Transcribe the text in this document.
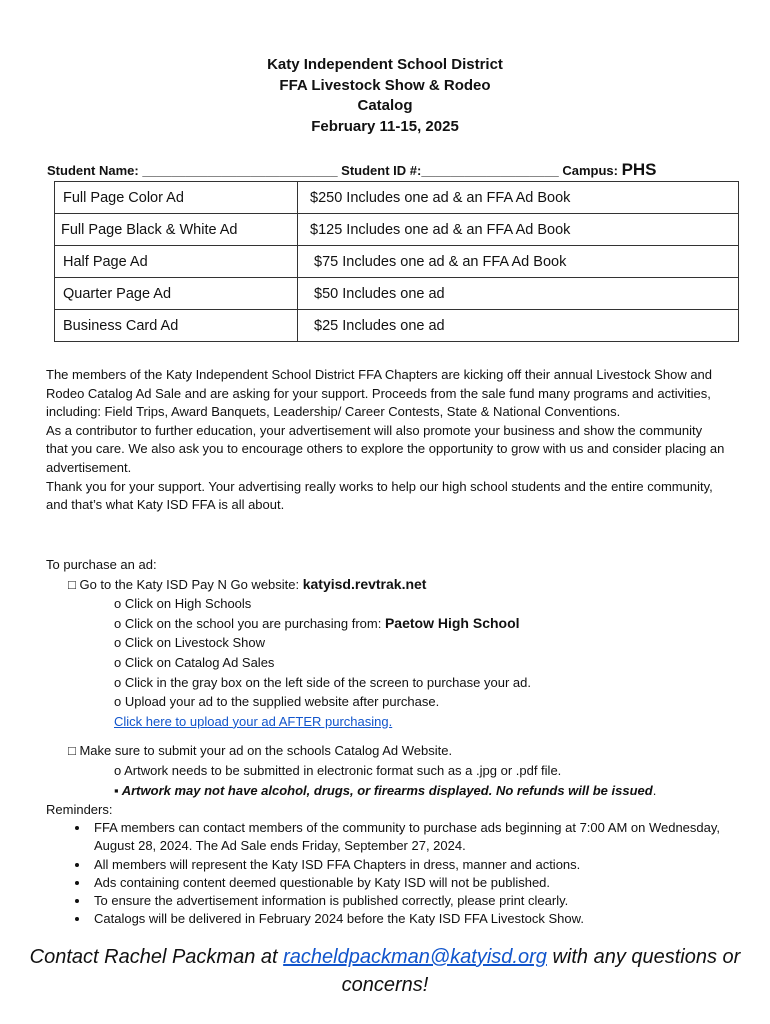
Katy Independent School District
FFA Livestock Show & Rodeo
Catalog
February 11-15, 2025
Student Name: ___________________________ Student ID #:___________________ Campus: PHS
Full Page Color Ad	$250 Includes one ad & an FFA Ad Book
Full Page Black & White Ad	$125 Includes one ad & an FFA Ad Book
Half Page Ad	$75 Includes one ad & an FFA Ad Book
Quarter Page Ad	$50 Includes one ad
Business Card Ad	$25 Includes one ad
The members of the Katy Independent School District FFA Chapters are kicking off their annual Livestock Show and Rodeo Catalog Ad Sale and are asking for your support. Proceeds from the sale fund many programs and activities, including: Field Trips, Award Banquets, Leadership/ Career Contests, State & National Conventions.
As a contributor to further education, your advertisement will also promote your business and show the community that you care. We also ask you to encourage others to explore the opportunity to grow with us and consider placing an advertisement.
Thank you for your support. Your advertising really works to help our high school students and the entire community, and that’s what Katy ISD FFA is all about.
To purchase an ad:
□ Go to the Katy ISD Pay N Go website: katyisd.revtrak.net
o Click on High Schools
o Click on the school you are purchasing from: Paetow High School
o Click on Livestock Show
o Click on Catalog Ad Sales
o Click in the gray box on the left side of the screen to purchase your ad.
o Upload your ad to the supplied website after purchase.
Click here to upload your ad AFTER purchasing.
□ Make sure to submit your ad on the schools Catalog Ad Website.
o Artwork needs to be submitted in electronic format such as a .jpg or .pdf file.
▪ Artwork may not have alcohol, drugs, or firearms displayed. No refunds will be issued.
Reminders:
• FFA members can contact members of the community to purchase ads beginning at 7:00 AM on Wednesday, August 28, 2024. The Ad Sale ends Friday, September 27, 2024.
• All members will represent the Katy ISD FFA Chapters in dress, manner and actions.
• Ads containing content deemed questionable by Katy ISD will not be published.
• To ensure the advertisement information is published correctly, please print clearly.
• Catalogs will be delivered in February 2024 before the Katy ISD FFA Livestock Show.
Contact Rachel Packman at racheldpackman@katyisd.org with any questions or concerns!
